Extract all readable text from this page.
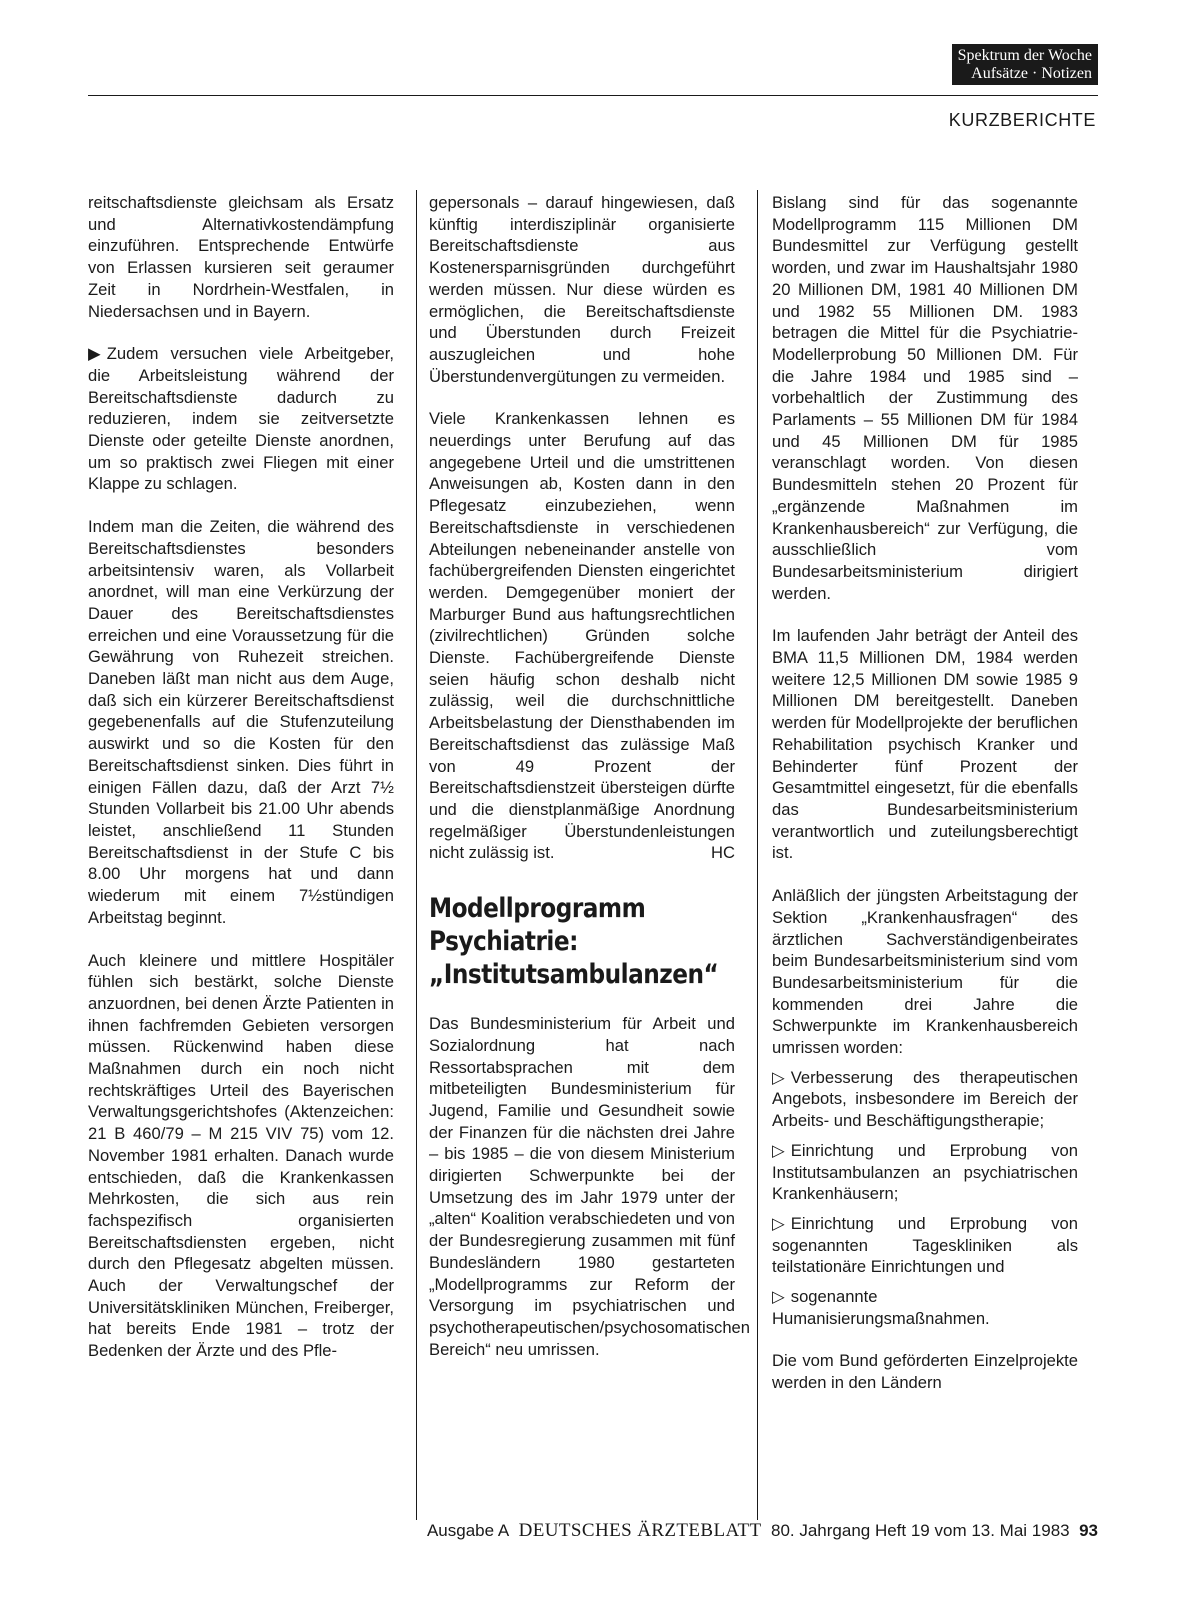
Spektrum der Woche
Aufsätze · Notizen
KURZBERICHTE

reitschaftsdienste gleichsam als Ersatz und Alternativkostendämpfung einzuführen. Entsprechende Entwürfe von Erlassen kursieren seit geraumer Zeit in Nordrhein-Westfalen, in Niedersachsen und in Bayern.

▶ Zudem versuchen viele Arbeitgeber, die Arbeitsleistung während der Bereitschaftsdienste dadurch zu reduzieren, indem sie zeitversetzte Dienste oder geteilte Dienste anordnen, um so praktisch zwei Fliegen mit einer Klappe zu schlagen.

Indem man die Zeiten, die während des Bereitschaftsdienstes besonders arbeitsintensiv waren, als Vollarbeit anordnet, will man eine Verkürzung der Dauer des Bereitschaftsdienstes erreichen und eine Voraussetzung für die Gewährung von Ruhezeit streichen. Daneben läßt man nicht aus dem Auge, daß sich ein kürzerer Bereitschaftsdienst gegebenenfalls auf die Stufenzuteilung auswirkt und so die Kosten für den Bereitschaftsdienst sinken. Dies führt in einigen Fällen dazu, daß der Arzt 7½ Stunden Vollarbeit bis 21.00 Uhr abends leistet, anschließend 11 Stunden Bereitschaftsdienst in der Stufe C bis 8.00 Uhr morgens hat und dann wiederum mit einem 7½stündigen Arbeitstag beginnt.

Auch kleinere und mittlere Hospitäler fühlen sich bestärkt, solche Dienste anzuordnen, bei denen Ärzte Patienten in ihnen fachfremden Gebieten versorgen müssen. Rückenwind haben diese Maßnahmen durch ein noch nicht rechtskräftiges Urteil des Bayerischen Verwaltungsgerichtshofes (Aktenzeichen: 21 B 460/79 – M 215 VIV 75) vom 12. November 1981 erhalten. Danach wurde entschieden, daß die Krankenkassen Mehrkosten, die sich aus rein fachspezifisch organisierten Bereitschaftsdiensten ergeben, nicht durch den Pflegesatz abgelten müssen. Auch der Verwaltungschef der Universitätskliniken München, Freiberger, hat bereits Ende 1981 – trotz der Bedenken der Ärzte und des Pfle-

gepersonals – darauf hingewiesen, daß künftig interdisziplinär organisierte Bereitschaftsdienste aus Kostenersparnisgründen durchgeführt werden müssen. Nur diese würden es ermöglichen, die Bereitschaftsdienste und Überstunden durch Freizeit auszugleichen und hohe Überstundenvergütungen zu vermeiden.

Viele Krankenkassen lehnen es neuerdings unter Berufung auf das angegebene Urteil und die umstrittenen Anweisungen ab, Kosten dann in den Pflegesatz einzubeziehen, wenn Bereitschaftsdienste in verschiedenen Abteilungen nebeneinander anstelle von fachübergreifenden Diensten eingerichtet werden. Demgegenüber moniert der Marburger Bund aus haftungsrechtlichen (zivilrechtlichen) Gründen solche Dienste. Fachübergreifende Dienste seien häufig schon deshalb nicht zulässig, weil die durchschnittliche Arbeitsbelastung der Diensthabenden im Bereitschaftsdienst das zulässige Maß von 49 Prozent der Bereitschaftsdienstzeit übersteigen dürfte und die dienstplanmäßige Anordnung regelmäßiger Überstundenleistungen nicht zulässig ist.	HC

Modellprogramm
Psychiatrie:
„Institutsambulanzen“

Das Bundesministerium für Arbeit und Sozialordnung hat nach Ressortabsprachen mit dem mitbeteiligten Bundesministerium für Jugend, Familie und Gesundheit sowie der Finanzen für die nächsten drei Jahre – bis 1985 – die von diesem Ministerium dirigierten Schwerpunkte bei der Umsetzung des im Jahr 1979 unter der „alten“ Koalition verabschiedeten und von der Bundesregierung zusammen mit fünf Bundesländern 1980 gestarteten „Modellprogramms zur Reform der Versorgung im psychiatrischen und psychotherapeutischen/psychosomatischen Bereich“ neu umrissen.

Bislang sind für das sogenannte Modellprogramm 115 Millionen DM Bundesmittel zur Verfügung gestellt worden, und zwar im Haushaltsjahr 1980 20 Millionen DM, 1981 40 Millionen DM und 1982 55 Millionen DM. 1983 betragen die Mittel für die Psychiatrie-Modellerprobung 50 Millionen DM. Für die Jahre 1984 und 1985 sind – vorbehaltlich der Zustimmung des Parlaments – 55 Millionen DM für 1984 und 45 Millionen DM für 1985 veranschlagt worden. Von diesen Bundesmitteln stehen 20 Prozent für „ergänzende Maßnahmen im Krankenhausbereich“ zur Verfügung, die ausschließlich vom Bundesarbeitsministerium dirigiert werden.

Im laufenden Jahr beträgt der Anteil des BMA 11,5 Millionen DM, 1984 werden weitere 12,5 Millionen DM sowie 1985 9 Millionen DM bereitgestellt. Daneben werden für Modellprojekte der beruflichen Rehabilitation psychisch Kranker und Behinderter fünf Prozent der Gesamtmittel eingesetzt, für die ebenfalls das Bundesarbeitsministerium verantwortlich und zuteilungsberechtigt ist.

Anläßlich der jüngsten Arbeitstagung der Sektion „Krankenhausfragen“ des ärztlichen Sachverständigenbeirates beim Bundesarbeitsministerium sind vom Bundesarbeitsministerium für die kommenden drei Jahre die Schwerpunkte im Krankenhausbereich umrissen worden:

▷ Verbesserung des therapeutischen Angebots, insbesondere im Bereich der Arbeits- und Beschäftigungstherapie;

▷ Einrichtung und Erprobung von Institutsambulanzen an psychiatrischen Krankenhäusern;

▷ Einrichtung und Erprobung von sogenannten Tageskliniken als teilstationäre Einrichtungen und

▷ sogenannte Humanisierungsmaßnahmen.

Die vom Bund geförderten Einzelprojekte werden in den Ländern

Ausgabe A DEUTSCHES ÄRZTEBLATT 80. Jahrgang Heft 19 vom 13. Mai 1983 93
